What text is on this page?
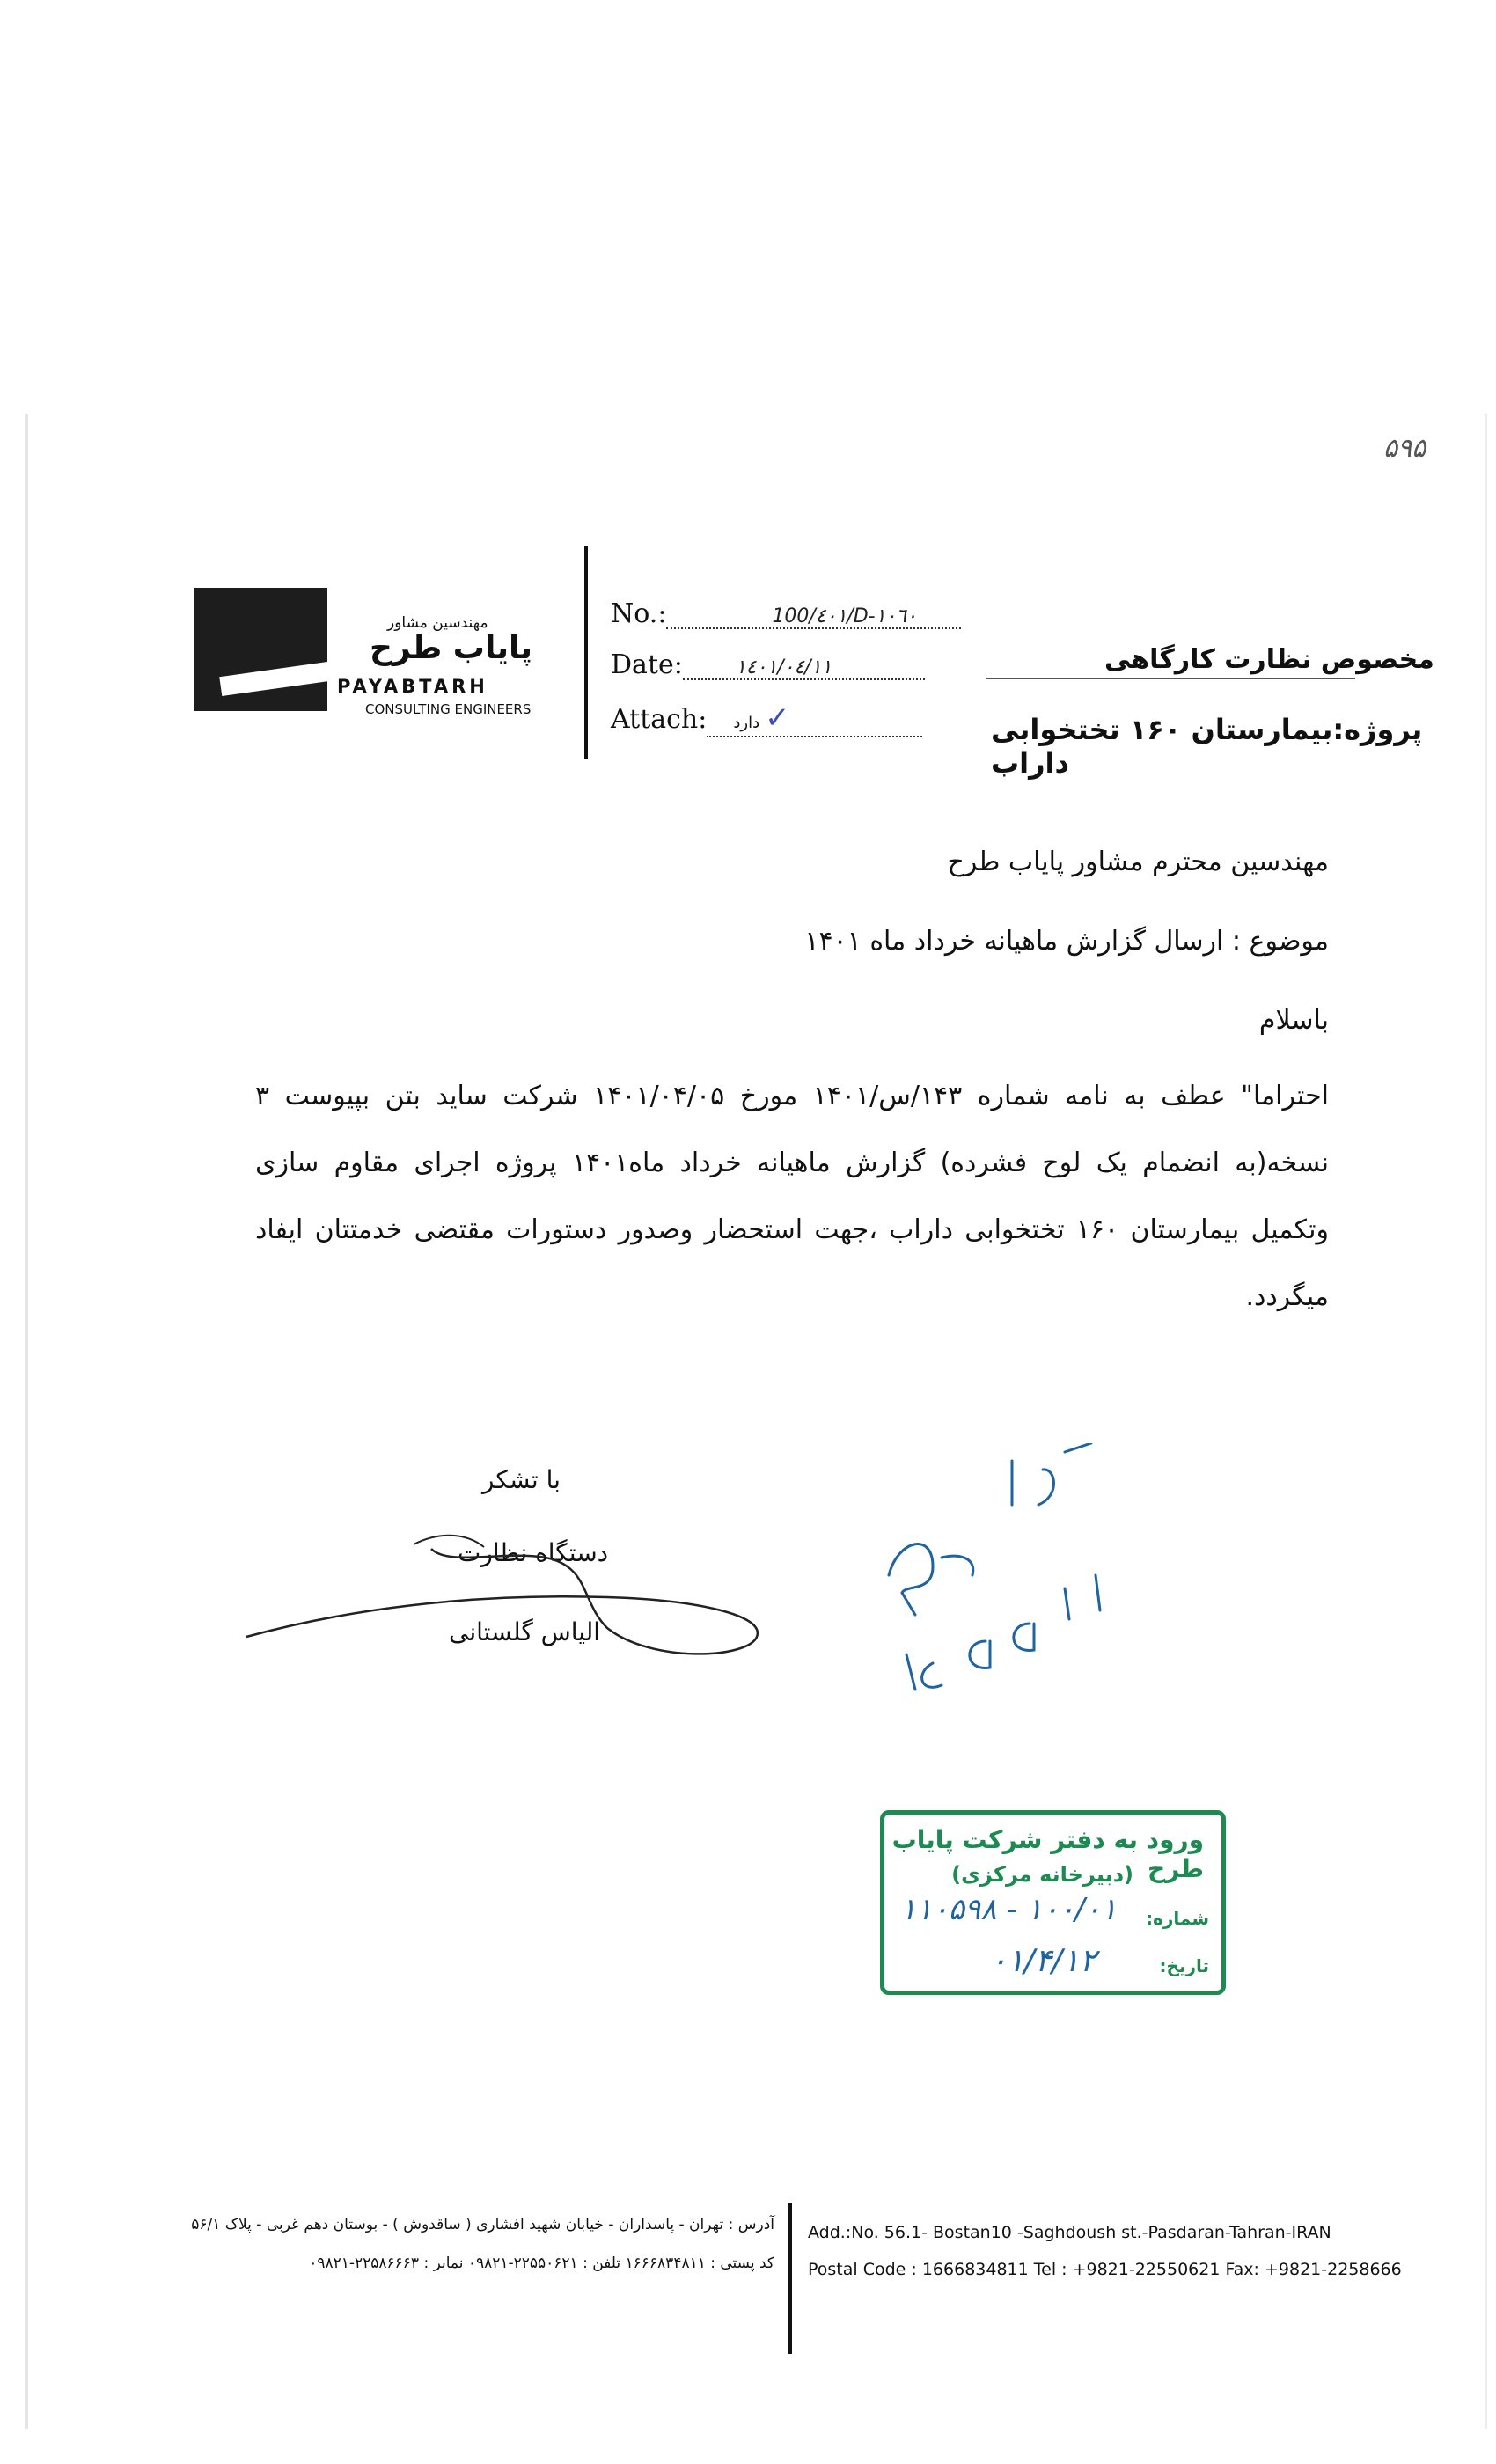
۵۹۵
مهندسین مشاور
پایاب طرح
PAYABTARH
CONSULTING ENGINEERS
No.:	100/٤٠١/D-١٠٦٠
Date:	١٤٠١/٠٤/١١
Attach: دارد ✓
مخصوص نظارت کارگاهی
پروژه:بیمارستان ۱۶۰ تختخوابی داراب
مهندسین محترم مشاور پایاب طرح
موضوع : ارسال گزارش ماهیانه خرداد ماه ۱۴۰۱
باسلام
احتراما" عطف به نامه شماره ۱۴۳/س/۱۴۰۱ مورخ ۱۴۰۱/۰۴/۰۵ شرکت ساید بتن بپیوست ۳ نسخه(به انضمام یک لوح فشرده) گزارش ماهیانه خرداد ماه۱۴۰۱ پروژه اجرای مقاوم سازی وتکمیل بیمارستان ۱۶۰ تختخوابی داراب ،جهت استحضار وصدور دستورات مقتضی خدمتتان ایفاد میگردد.
با تشکر
دستگاه نظارت
الیاس گلستانی
ورود به دفتر شرکت پایاب طرح
(دبیرخانه مرکزی)
شماره:
۱۰۰/۰۱ - ۱۱۰۵۹۸
تاریخ:
۰۱/۴/۱۲
آدرس : تهران - پاسداران - خیابان شهید افشاری ( ساقدوش ) - بوستان دهم غربی - پلاک ۵۶/۱
کد پستی : ۱۶۶۶۸۳۴۸۱۱ تلفن : ۲۲۵۵۰۶۲۱-۰۹۸۲۱ نمابر : ۲۲۵۸۶۶۶۳-۰۹۸۲۱
Add.:No. 56.1- Bostan10 -Saghdoush st.-Pasdaran-Tahran-IRAN
Postal Code : 1666834811 Tel : +9821-22550621 Fax: +9821-2258666
